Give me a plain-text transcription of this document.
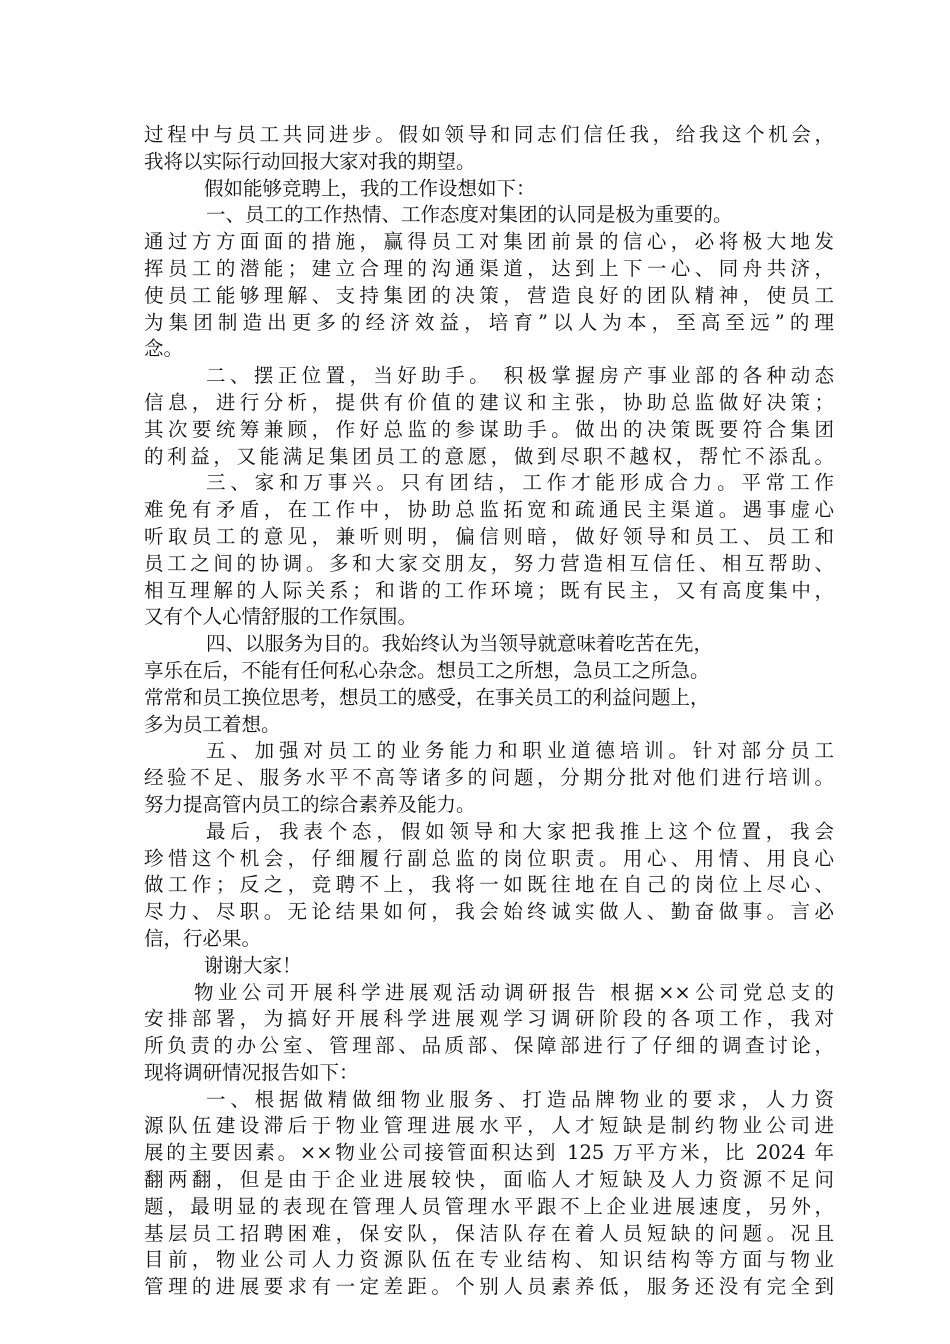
过程中与员工共同进步。假如领导和同志们信任我，给我这个机会，
我将以实际行动回报大家对我的期望。
假如能够竞聘上，我的工作设想如下：
一、员工的工作热情、工作态度对集团的认同是极为重要的。
通过方方面面的措施，赢得员工对集团前景的信心，必将极大地发
挥员工的潜能；建立合理的沟通渠道，达到上下一心、同舟共济，
使员工能够理解、支持集团的决策，营造良好的团队精神，使员工
为集团制造出更多的经济效益，培育”以人为本，至高至远”的理
念。
二、摆正位置，当好助手。 积极掌握房产事业部的各种动态
信息，进行分析，提供有价值的建议和主张，协助总监做好决策；
其次要统筹兼顾，作好总监的参谋助手。做出的决策既要符合集团
的利益，又能满足集团员工的意愿，做到尽职不越权，帮忙不添乱。
三、家和万事兴。只有团结，工作才能形成合力。平常工作
难免有矛盾，在工作中，协助总监拓宽和疏通民主渠道。遇事虚心
听取员工的意见，兼听则明，偏信则暗，做好领导和员工、员工和
员工之间的协调。多和大家交朋友，努力营造相互信任、相互帮助、
相互理解的人际关系；和谐的工作环境；既有民主，又有高度集中，
又有个人心情舒服的工作氛围。
四、以服务为目的。我始终认为当领导就意味着吃苦在先，
享乐在后，不能有任何私心杂念。想员工之所想，急员工之所急。
常常和员工换位思考，想员工的感受，在事关员工的利益问题上，
多为员工着想。
五、加强对员工的业务能力和职业道德培训。针对部分员工
经验不足、服务水平不高等诸多的问题，分期分批对他们进行培训。
努力提高管内员工的综合素养及能力。
最后，我表个态，假如领导和大家把我推上这个位置，我会
珍惜这个机会，仔细履行副总监的岗位职责。用心、用情、用良心
做工作；反之，竞聘不上，我将一如既往地在自己的岗位上尽心、
尽力、尽职。无论结果如何，我会始终诚实做人、勤奋做事。言必
信，行必果。
谢谢大家！
物业公司开展科学进展观活动调研报告 根据××公司党总支的
安排部署，为搞好开展科学进展观学习调研阶段的各项工作，我对
所负责的办公室、管理部、品质部、保障部进行了仔细的调查讨论，
现将调研情况报告如下：
一、根据做精做细物业服务、打造品牌物业的要求，人力资
源队伍建设滞后于物业管理进展水平，人才短缺是制约物业公司进
展的主要因素。××物业公司接管面积达到 125 万平方米，比 2024 年
翻两翻，但是由于企业进展较快，面临人才短缺及人力资源不足问
题，最明显的表现在管理人员管理水平跟不上企业进展速度，另外，
基层员工招聘困难，保安队，保洁队存在着人员短缺的问题。况且
目前，物业公司人力资源队伍在专业结构、知识结构等方面与物业
管理的进展要求有一定差距。个别人员素养低，服务还没有完全到
